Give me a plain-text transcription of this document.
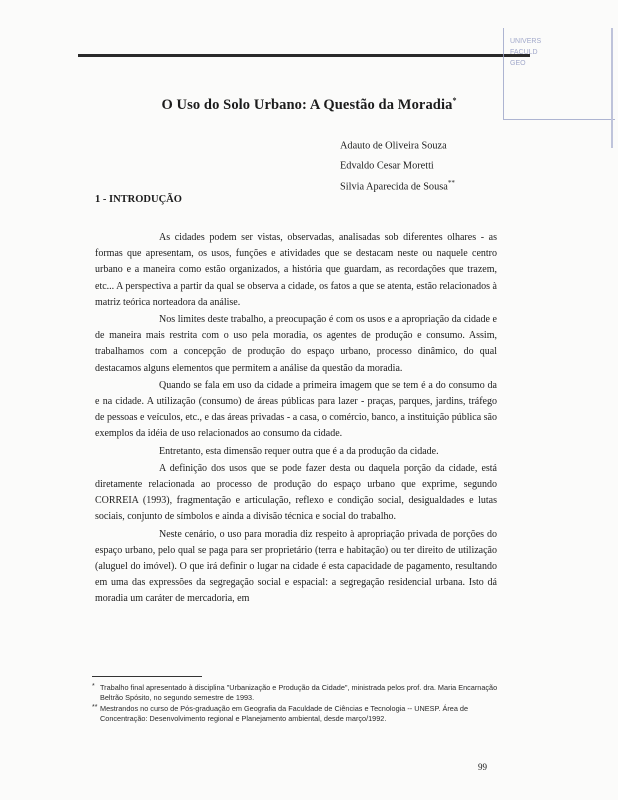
UNIVERS
FACULD
GEO
O Uso do Solo Urbano: A Questão da Moradia*
Adauto de Oliveira Souza
Edvaldo Cesar Moretti
Silvia Aparecida de Sousa**
1 - INTRODUÇÃO

As cidades podem ser vistas, observadas, analisadas sob diferentes olhares - as formas que apresentam, os usos, funções e atividades que se destacam neste ou naquele centro urbano e a maneira como estão organizados, a história que guardam, as recordações que trazem, etc... A perspectiva a partir da qual se observa a cidade, os fatos a que se atenta, estão relacionados à matriz teórica norteadora da análise.

Nos limites deste trabalho, a preocupação é com os usos e a apropriação da cidade e de maneira mais restrita com o uso pela moradia, os agentes de produção e consumo. Assim, trabalhamos com a concepção de produção do espaço urbano, processo dinâmico, do qual destacamos alguns elementos que permitem a análise da questão da moradia.

Quando se fala em uso da cidade a primeira imagem que se tem é a do consumo da e na cidade. A utilização (consumo) de áreas públicas para lazer - praças, parques, jardins, tráfego de pessoas e veículos, etc., e das áreas privadas - a casa, o comércio, banco, a instituição pública são exemplos da idéia de uso relacionados ao consumo da cidade.

Entretanto, esta dimensão requer outra que é a da produção da cidade.

A definição dos usos que se pode fazer desta ou daquela porção da cidade, está diretamente relacionada ao processo de produção do espaço urbano que exprime, segundo CORREIA (1993), fragmentação e articulação, reflexo e condição social, desigualdades e lutas sociais, conjunto de símbolos e ainda a divisão técnica e social do trabalho.

Neste cenário, o uso para moradia diz respeito à apropriação privada de porções do espaço urbano, pelo qual se paga para ser proprietário (terra e habitação) ou ter direito de utilização (aluguel do imóvel). O que irá definir o lugar na cidade é esta capacidade de pagamento, resultando em uma das expressões da segregação social e espacial: a segregação residencial urbana. Isto dá moradia um caráter de mercadoria, em

* Trabalho final apresentado à disciplina "Urbanização e Produção da Cidade", ministrada pelos prof. dra. Maria Encarnação Beltrão Spósito, no segundo semestre de 1993.
** Mestrandos no curso de Pós-graduação em Geografia da Faculdade de Ciências e Tecnologia -- UNESP. Área de Concentração: Desenvolvimento regional e Planejamento ambiental, desde março/1992.
99
